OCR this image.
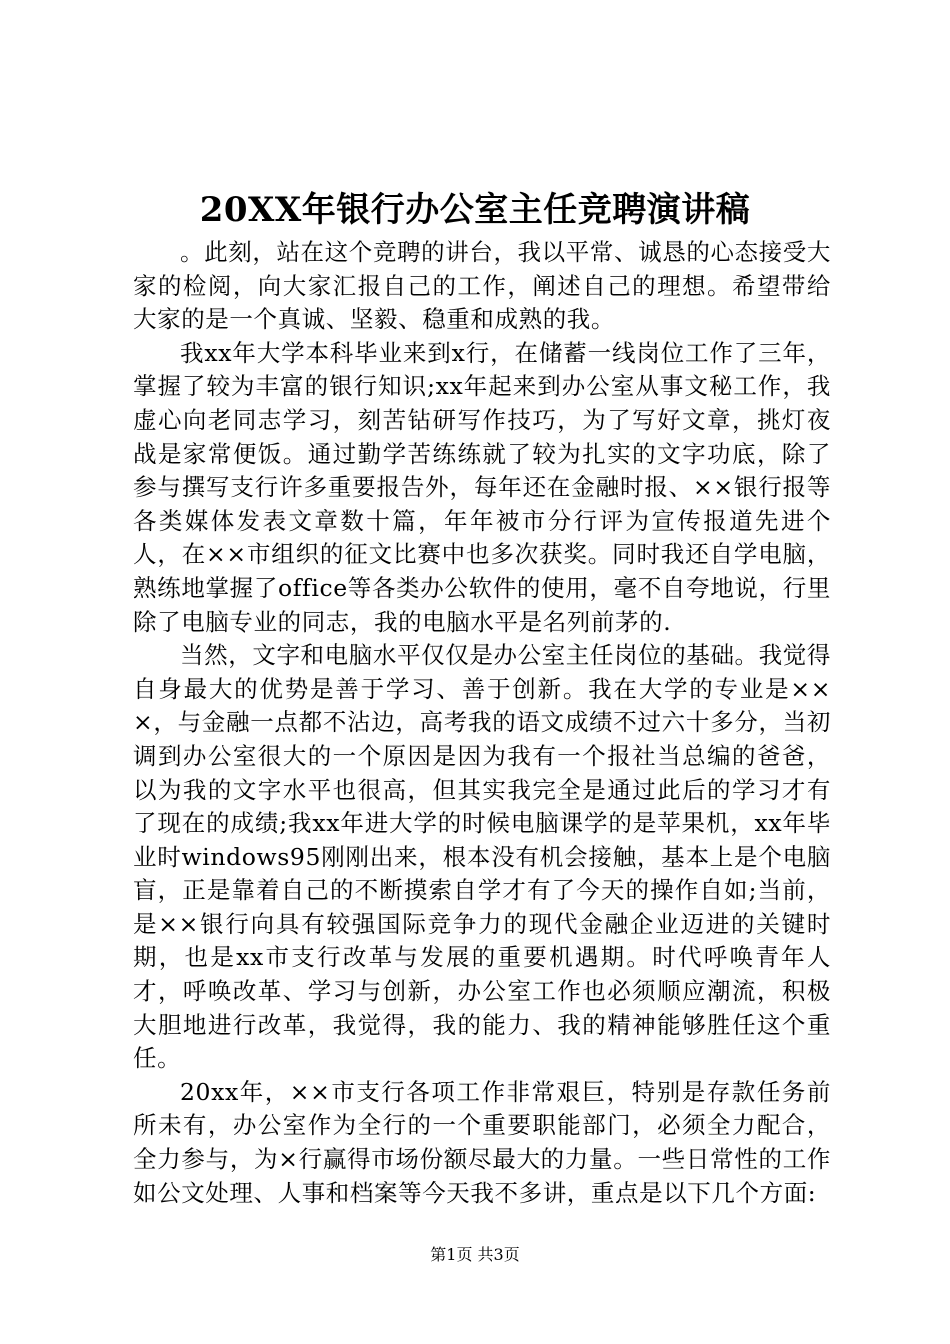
20XX年银行办公室主任竞聘演讲稿

。此刻，站在这个竞聘的讲台，我以平常、诚恳的心态接受大家的检阅，向大家汇报自己的工作，阐述自己的理想。希望带给大家的是一个真诚、坚毅、稳重和成熟的我。

我xx年大学本科毕业来到x行，在储蓄一线岗位工作了三年，掌握了较为丰富的银行知识;xx年起来到办公室从事文秘工作，我虚心向老同志学习，刻苦钻研写作技巧，为了写好文章，挑灯夜战是家常便饭。通过勤学苦练练就了较为扎实的文字功底，除了参与撰写支行许多重要报告外，每年还在金融时报、××银行报等各类媒体发表文章数十篇，年年被市分行评为宣传报道先进个人，在××市组织的征文比赛中也多次获奖。同时我还自学电脑，熟练地掌握了office等各类办公软件的使用，毫不自夸地说，行里除了电脑专业的同志，我的电脑水平是名列前茅的.

当然，文字和电脑水平仅仅是办公室主任岗位的基础。我觉得自身最大的优势是善于学习、善于创新。我在大学的专业是×××，与金融一点都不沾边，高考我的语文成绩不过六十多分，当初调到办公室很大的一个原因是因为我有一个报社当总编的爸爸，以为我的文字水平也很高，但其实我完全是通过此后的学习才有了现在的成绩;我xx年进大学的时候电脑课学的是苹果机，xx年毕业时windows95刚刚出来，根本没有机会接触，基本上是个电脑盲，正是靠着自己的不断摸索自学才有了今天的操作自如;当前，是××银行向具有较强国际竞争力的现代金融企业迈进的关键时期，也是xx市支行改革与发展的重要机遇期。时代呼唤青年人才，呼唤改革、学习与创新，办公室工作也必须顺应潮流，积极大胆地进行改革，我觉得，我的能力、我的精神能够胜任这个重任。

20xx年，××市支行各项工作非常艰巨，特别是存款任务前所未有，办公室作为全行的一个重要职能部门，必须全力配合，全力参与，为×行赢得市场份额尽最大的力量。一些日常性的工作如公文处理、人事和档案等今天我不多讲，重点是以下几个方面:

第1页 共3页
